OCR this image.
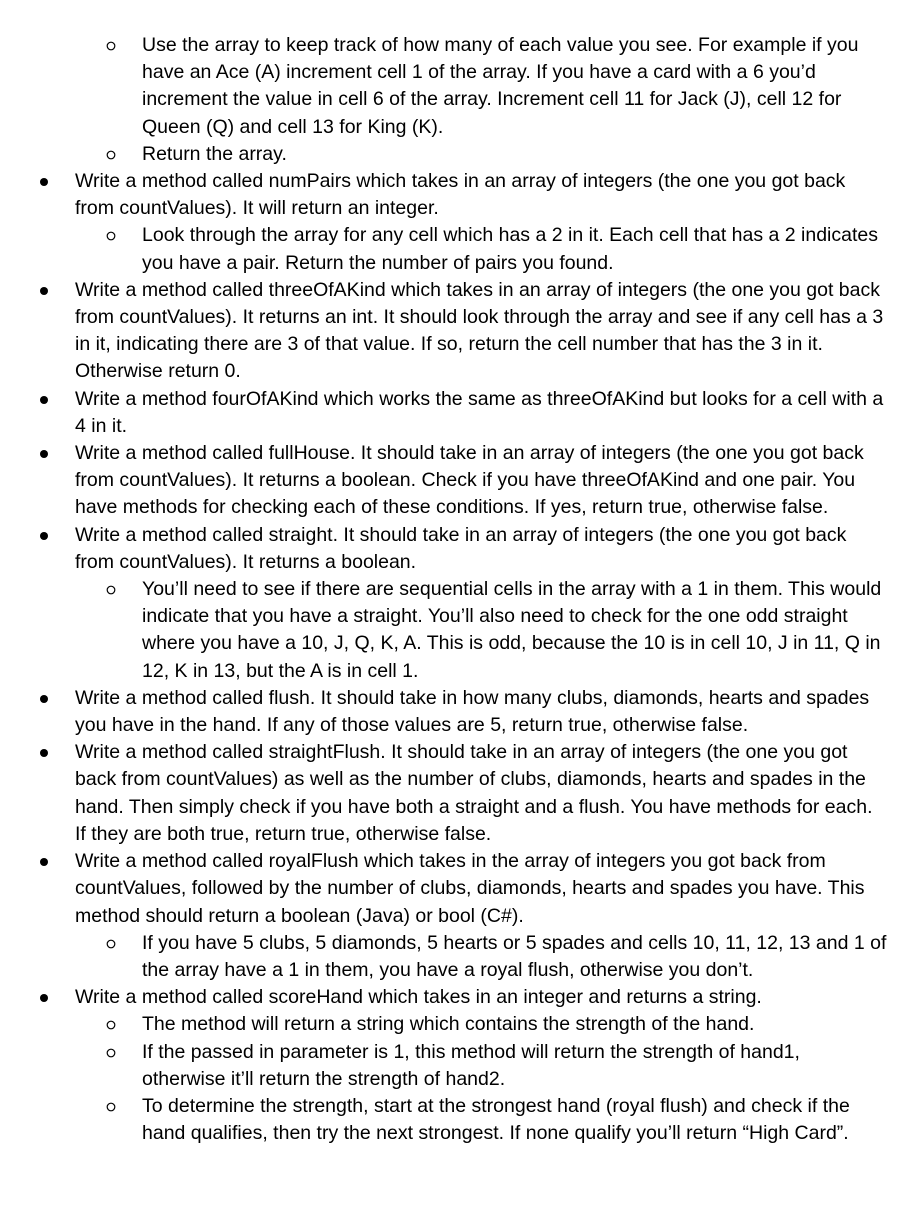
Use the array to keep track of how many of each value you see. For example if you have an Ace (A) increment cell 1 of the array. If you have a card with a 6 you’d increment the value in cell 6 of the array. Increment cell 11 for Jack (J), cell 12 for Queen (Q) and cell 13 for King (K).
Return the array.
Write a method called numPairs which takes in an array of integers (the one you got back from countValues). It will return an integer.
Look through the array for any cell which has a 2 in it. Each cell that has a 2 indicates you have a pair. Return the number of pairs you found.
Write a method called threeOfAKind which takes in an array of integers (the one you got back from countValues). It returns an int. It should look through the array and see if any cell has a 3 in it, indicating there are 3 of that value. If so, return the cell number that has the 3 in it. Otherwise return 0.
Write a method fourOfAKind which works the same as threeOfAKind but looks for a cell with a 4 in it.
Write a method called fullHouse. It should take in an array of integers (the one you got back from countValues). It returns a boolean. Check if you have threeOfAKind and one pair. You have methods for checking each of these conditions. If yes, return true, otherwise false.
Write a method called straight. It should take in an array of integers (the one you got back from countValues). It returns a boolean.
You’ll need to see if there are sequential cells in the array with a 1 in them. This would indicate that you have a straight. You’ll also need to check for the one odd straight where you have a 10, J, Q, K, A. This is odd, because the 10 is in cell 10, J in 11, Q in 12, K in 13, but the A is in cell 1.
Write a method called flush. It should take in how many clubs, diamonds, hearts and spades you have in the hand. If any of those values are 5, return true, otherwise false.
Write a method called straightFlush. It should take in an array of integers (the one you got back from countValues) as well as the number of clubs, diamonds, hearts and spades in the hand. Then simply check if you have both a straight and a flush. You have methods for each. If they are both true, return true, otherwise false.
Write a method called royalFlush which takes in the array of integers you got back from countValues, followed by the number of clubs, diamonds, hearts and spades you have. This method should return a boolean (Java) or bool (C#).
If you have 5 clubs, 5 diamonds, 5 hearts or 5 spades and cells 10, 11, 12, 13 and 1 of the array have a 1 in them, you have a royal flush, otherwise you don’t.
Write a method called scoreHand which takes in an integer and returns a string.
The method will return a string which contains the strength of the hand.
If the passed in parameter is 1, this method will return the strength of hand1, otherwise it’ll return the strength of hand2.
To determine the strength, start at the strongest hand (royal flush) and check if the hand qualifies, then try the next strongest. If none qualify you’ll return “High Card”.
